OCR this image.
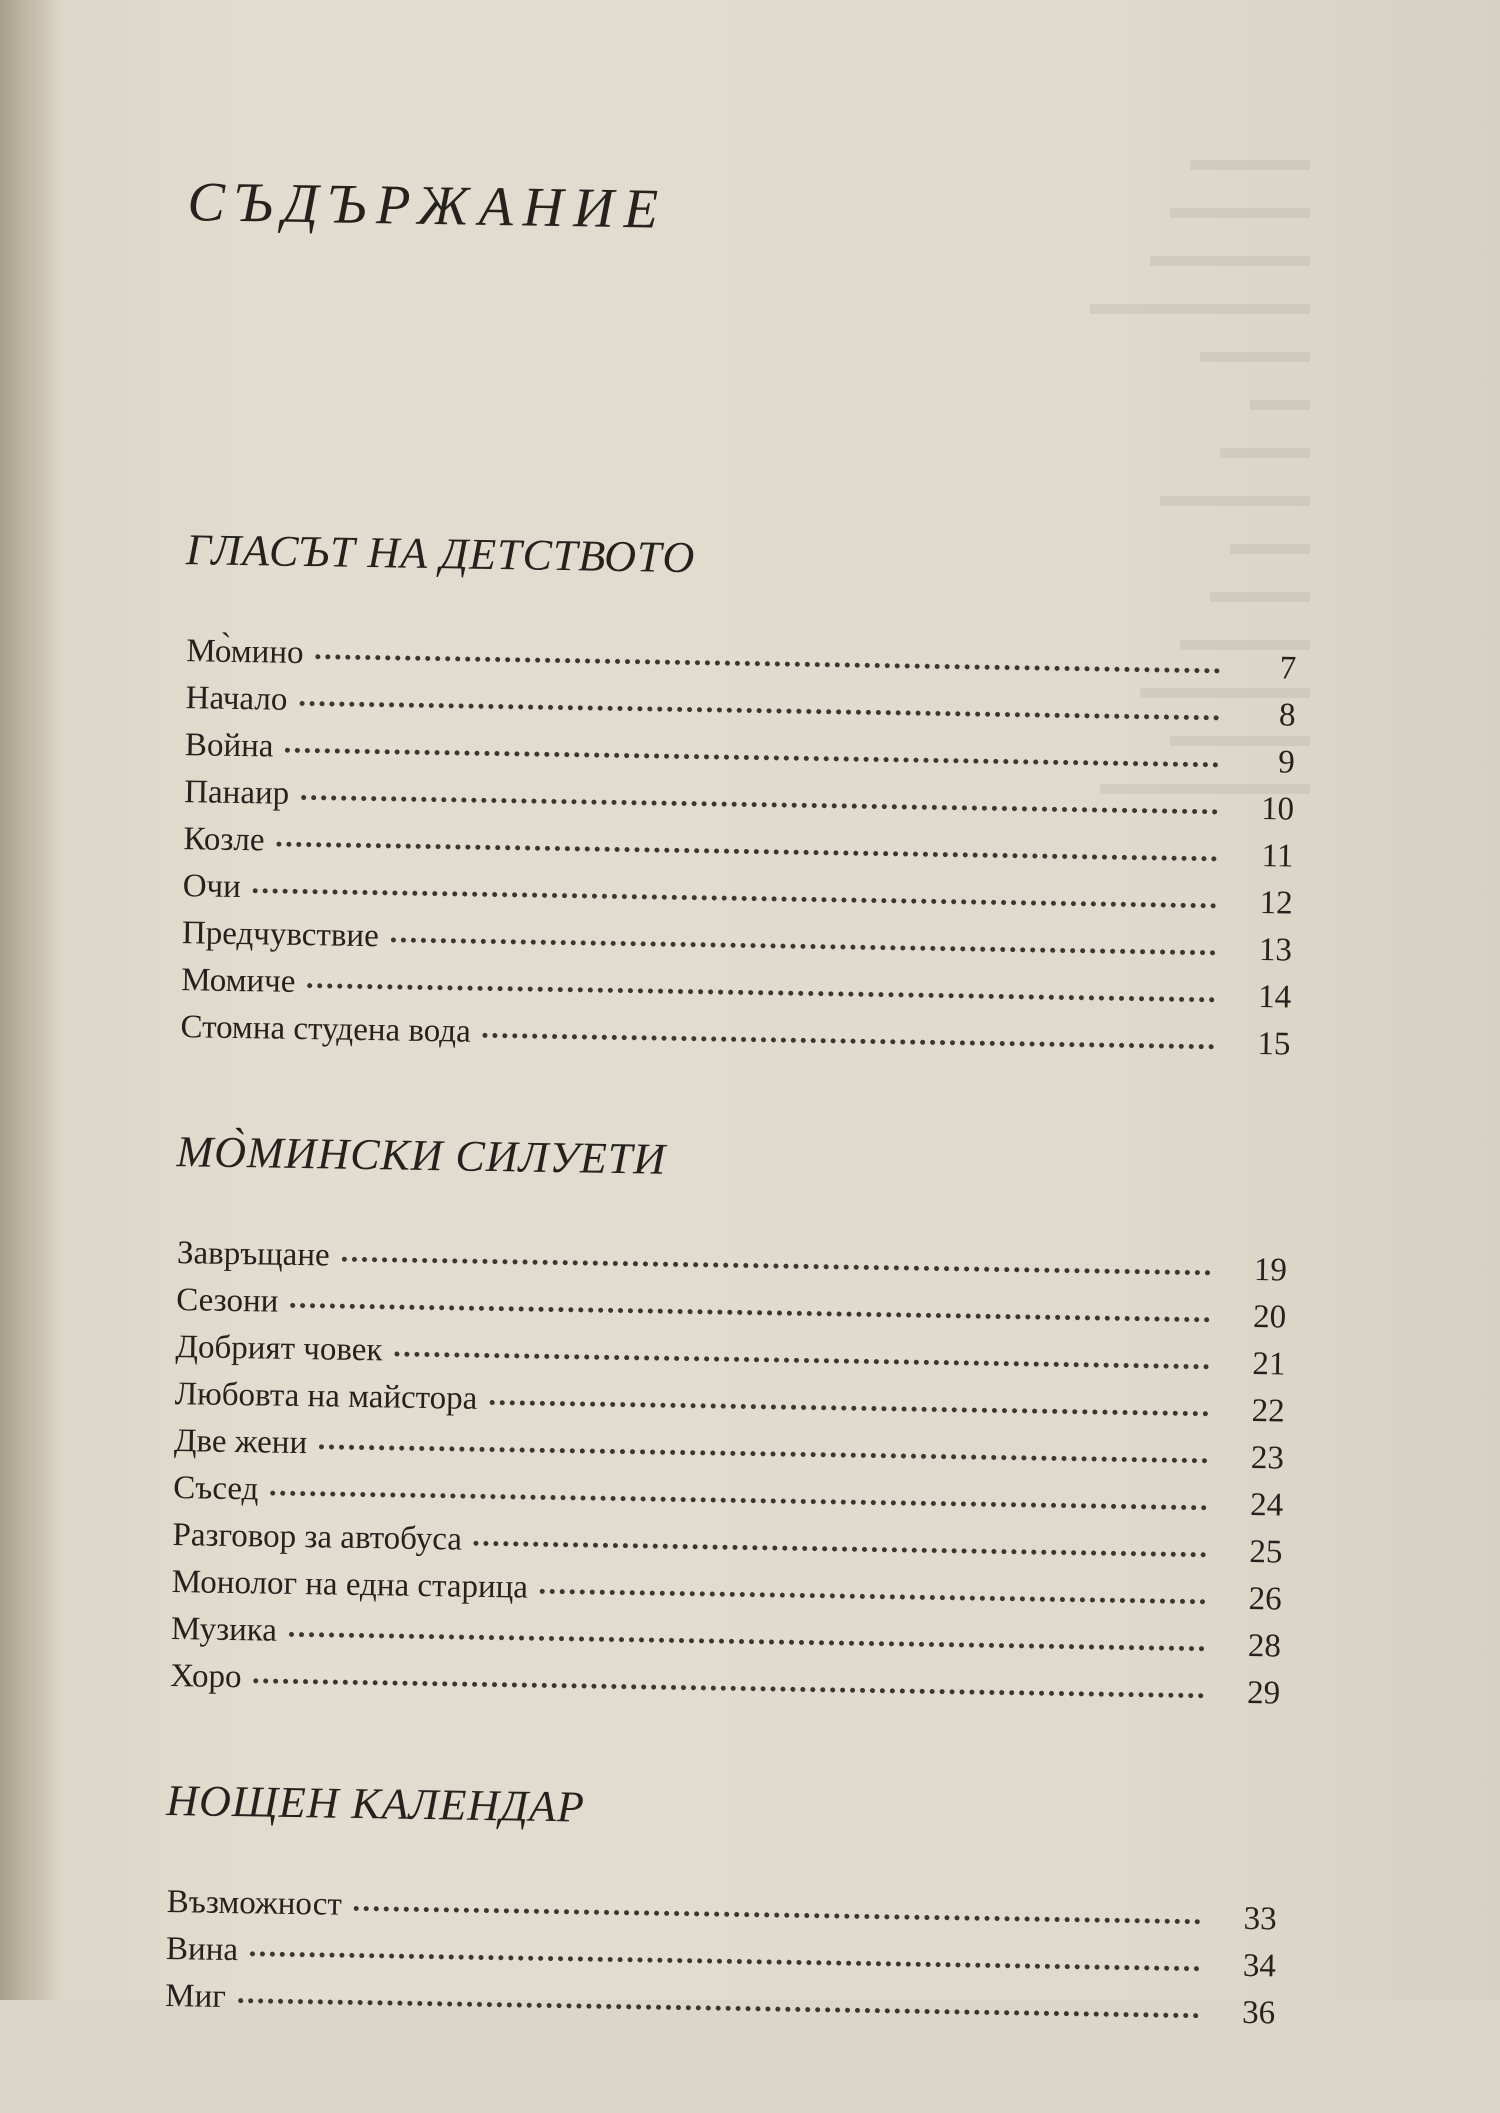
СЪДЪРЖАНИЕ
ГЛАСЪТ НА ДЕТСТВОТО
Мо̀мино	7
Начало	8
Война	9
Панаир	10
Козле	11
Очи	12
Предчувствие	13
Момиче	14
Стомна студена вода	15
МО̀МИНСКИ СИЛУЕТИ
Завръщане	19
Сезони	20
Добрият човек	21
Любовта на майстора	22
Две жени	23
Съсед	24
Разговор за автобуса	25
Монолог на една старица	26
Музика	28
Хоро	29
НОЩЕН КАЛЕНДАР
Възможност	33
Вина	34
Миг	36
